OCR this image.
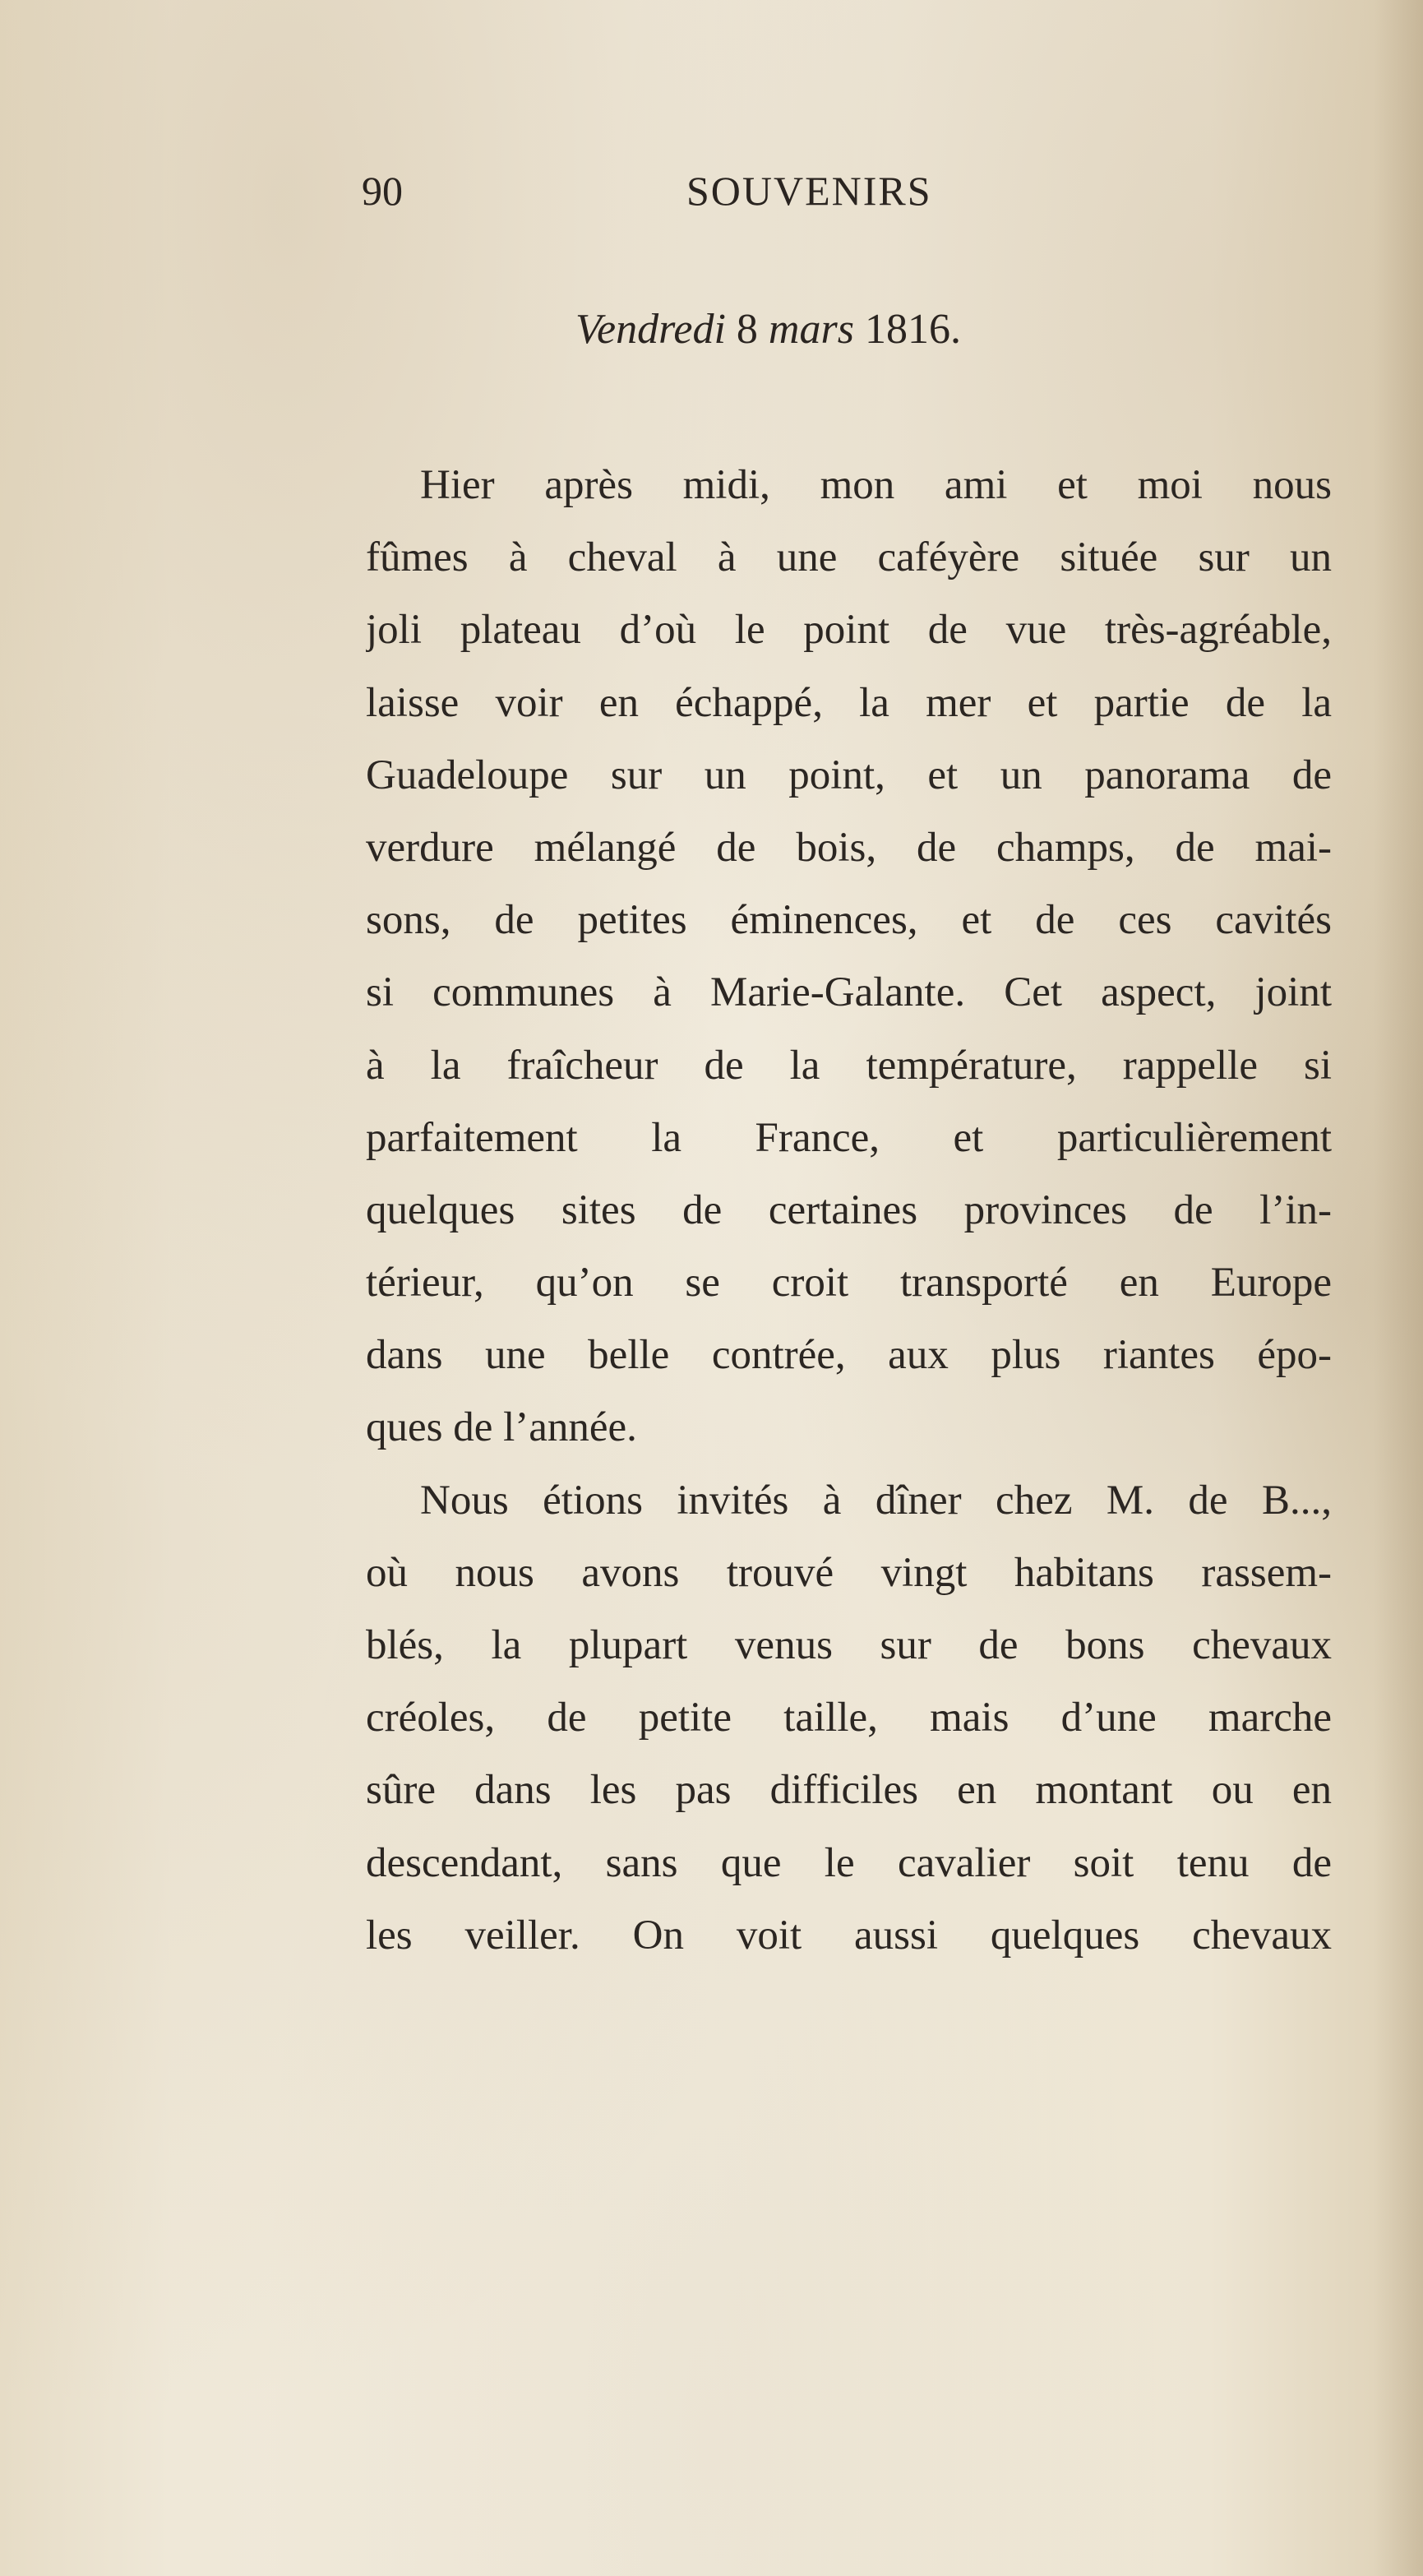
90	SOUVENIRS
Vendredi 8 mars 1816.
Hier après midi, mon ami et moi nous
fûmes à cheval à une caféyère située sur un
joli plateau d’où le point de vue très-agréable,
laisse voir en échappé, la mer et partie de la
Guadeloupe sur un point, et un panorama de
verdure mélangé de bois, de champs, de mai-
sons, de petites éminences, et de ces cavités
si communes à Marie-Galante. Cet aspect, joint
à la fraîcheur de la température, rappelle si
parfaitement la France, et particulièrement
quelques sites de certaines provinces de l’in-
térieur, qu’on se croit transporté en Europe
dans une belle contrée, aux plus riantes épo-
ques de l’année.
Nous étions invités à dîner chez M. de B...,
où nous avons trouvé vingt habitans rassem-
blés, la plupart venus sur de bons chevaux
créoles, de petite taille, mais d’une marche
sûre dans les pas difficiles en montant ou en
descendant, sans que le cavalier soit tenu de
les veiller. On voit aussi quelques chevaux
